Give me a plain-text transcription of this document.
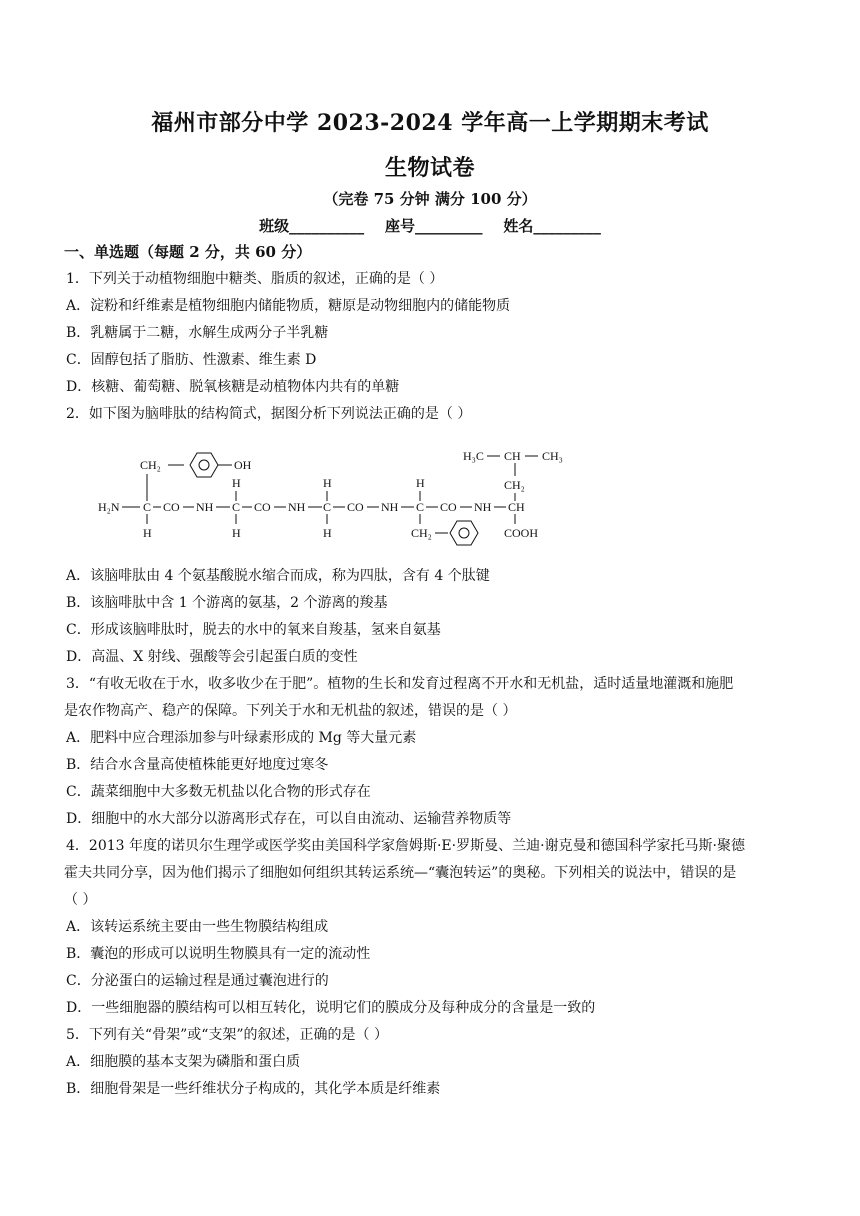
福州市部分中学 2023-2024 学年高一上学期期末考试
生物试卷
（完卷 75 分钟 满分 100 分）
班级__________    座号_________    姓名_________
一、单选题（每题 2 分，共 60 分）
1．下列关于动植物细胞中糖类、脂质的叙述，正确的是（ ）
A．淀粉和纤维素是植物细胞内储能物质，糖原是动物细胞内的储能物质
B．乳糖属于二糖，水解生成两分子半乳糖
C．固醇包括了脂肪、性激素、维生素 D
D．核糖、葡萄糖、脱氧核糖是动植物体内共有的单糖
2．如下图为脑啡肽的结构简式，据图分析下列说法正确的是（ ）
CH₂	OH
H₃C CH CH₃
CH₂
H	H	H
H₂N C CO NH C CO NH C CO NH C CO NH CH
H	H	H	CH₂	COOH
A．该脑啡肽由 4 个氨基酸脱水缩合而成，称为四肽，含有 4 个肽键
B．该脑啡肽中含 1 个游离的氨基，2 个游离的羧基
C．形成该脑啡肽时，脱去的水中的氧来自羧基，氢来自氨基
D．高温、X 射线、强酸等会引起蛋白质的变性
3．“有收无收在于水，收多收少在于肥”。植物的生长和发育过程离不开水和无机盐，适时适量地灌溉和施肥
是农作物高产、稳产的保障。下列关于水和无机盐的叙述，错误的是（ ）
A．肥料中应合理添加参与叶绿素形成的 Mg 等大量元素
B．结合水含量高使植株能更好地度过寒冬
C．蔬菜细胞中大多数无机盐以化合物的形式存在
D．细胞中的水大部分以游离形式存在，可以自由流动、运输营养物质等
4．2013 年度的诺贝尔生理学或医学奖由美国科学家詹姆斯·E·罗斯曼、兰迪·谢克曼和德国科学家托马斯·聚德
霍夫共同分享，因为他们揭示了细胞如何组织其转运系统—“囊泡转运”的奥秘。下列相关的说法中，错误的是
（ ）
A．该转运系统主要由一些生物膜结构组成
B．囊泡的形成可以说明生物膜具有一定的流动性
C．分泌蛋白的运输过程是通过囊泡进行的
D．一些细胞器的膜结构可以相互转化，说明它们的膜成分及每种成分的含量是一致的
5．下列有关“骨架”或“支架”的叙述，正确的是（ ）
A．细胞膜的基本支架为磷脂和蛋白质
B．细胞骨架是一些纤维状分子构成的，其化学本质是纤维素
